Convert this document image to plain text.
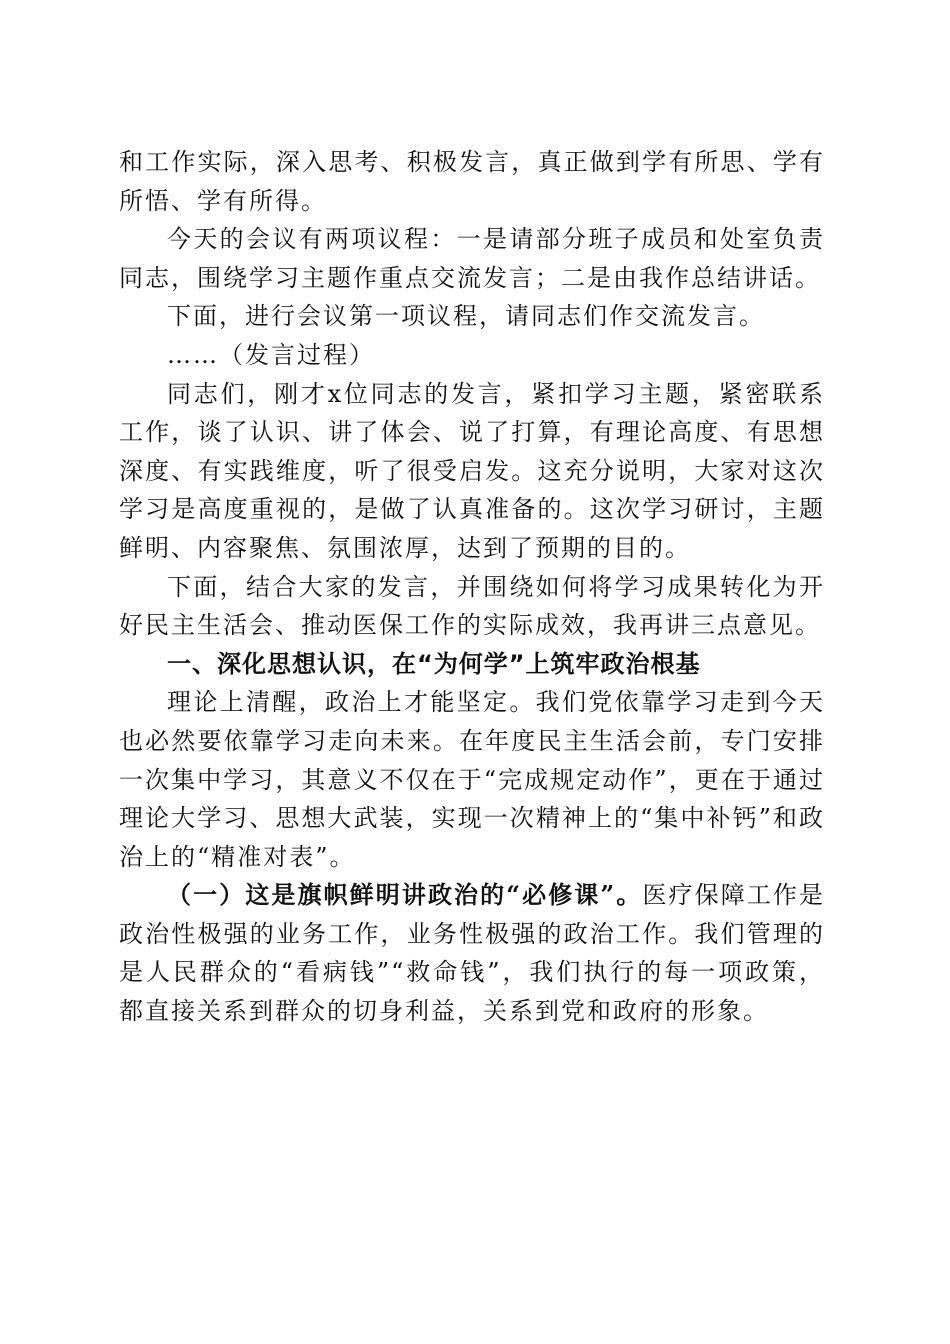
和工作实际，深入思考、积极发言，真正做到学有所思、学有所悟、学有所得。

今天的会议有两项议程：一是请部分班子成员和处室负责同志，围绕学习主题作重点交流发言；二是由我作总结讲话。

下面，进行会议第一项议程，请同志们作交流发言。

……（发言过程）

同志们，刚才x位同志的发言，紧扣学习主题，紧密联系工作，谈了认识、讲了体会、说了打算，有理论高度、有思想深度、有实践维度，听了很受启发。这充分说明，大家对这次学习是高度重视的，是做了认真准备的。这次学习研讨，主题鲜明、内容聚焦、氛围浓厚，达到了预期的目的。

下面，结合大家的发言，并围绕如何将学习成果转化为开好民主生活会、推动医保工作的实际成效，我再讲三点意见。

一、深化思想认识，在“为何学”上筑牢政治根基

理论上清醒，政治上才能坚定。我们党依靠学习走到今天也必然要依靠学习走向未来。在年度民主生活会前，专门安排一次集中学习，其意义不仅在于“完成规定动作”，更在于通过理论大学习、思想大武装，实现一次精神上的“集中补钙”和政治上的“精准对表”。

（一）这是旗帜鲜明讲政治的“必修课”。医疗保障工作是政治性极强的业务工作，业务性极强的政治工作。我们管理的是人民群众的“看病钱”“救命钱”，我们执行的每一项政策，都直接关系到群众的切身利益，关系到党和政府的形象。
